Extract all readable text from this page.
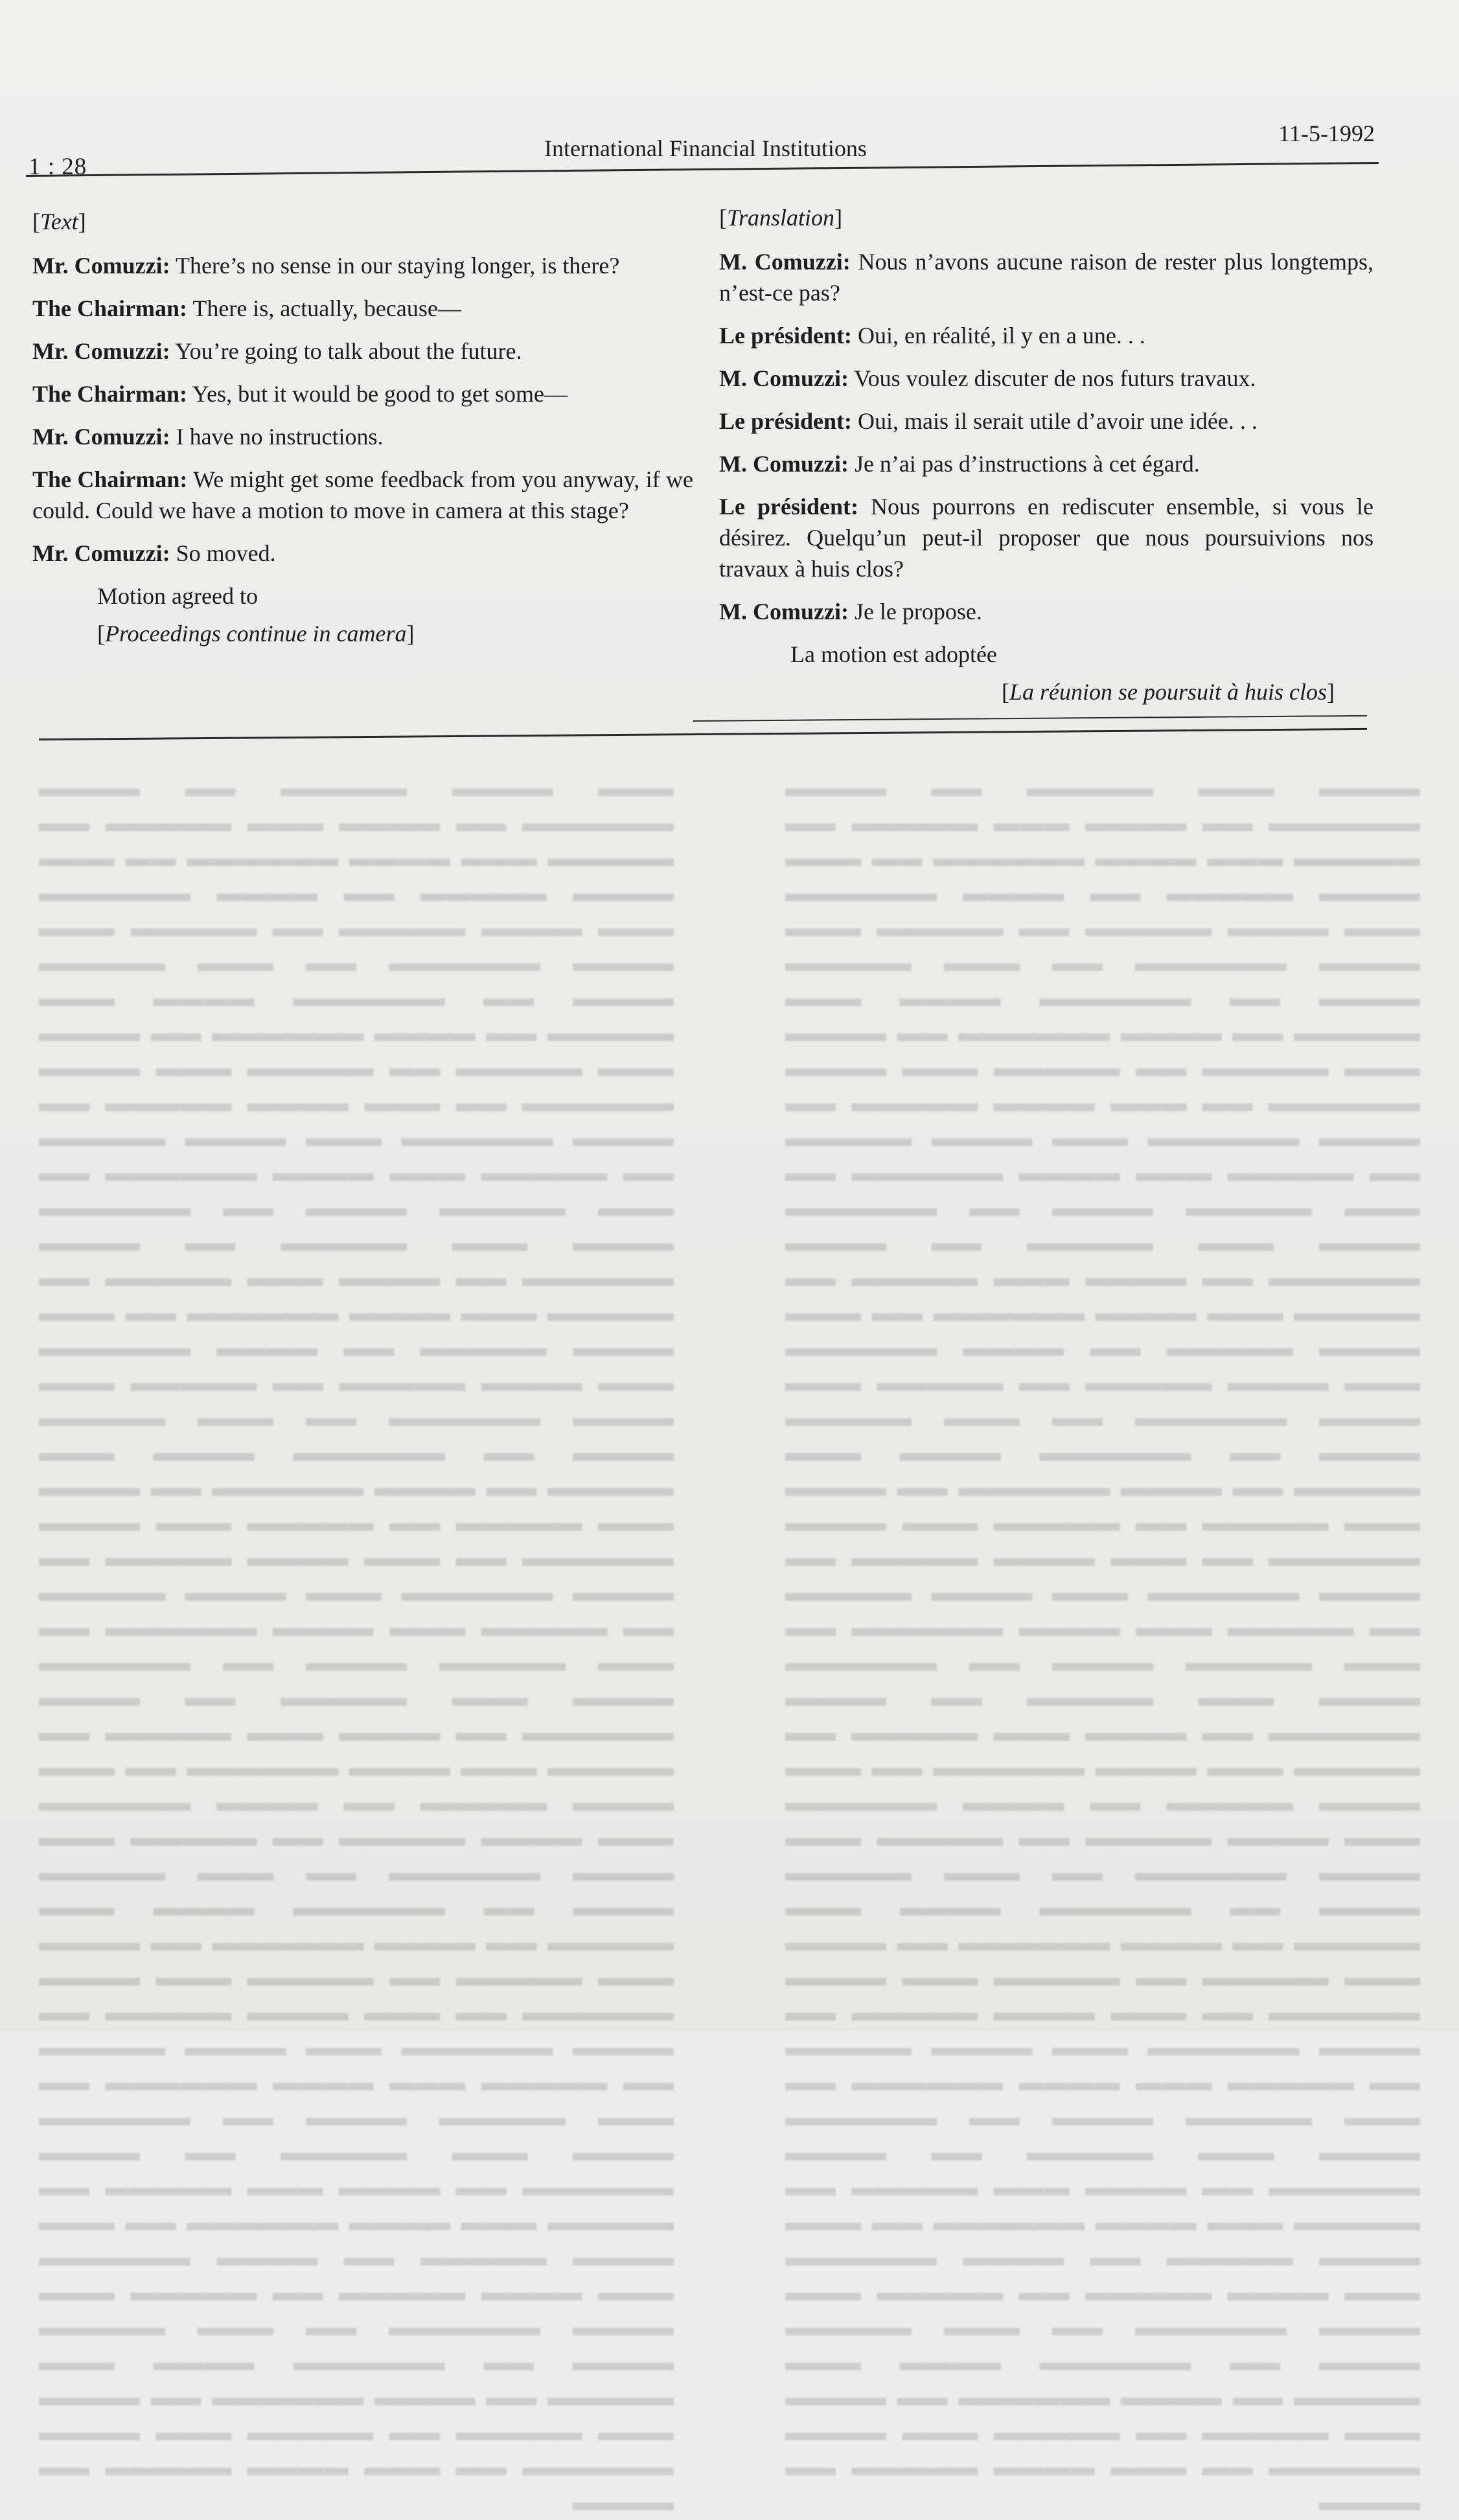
▬▬▬▬ ▬▬▬ ▬▬▬▬▬ ▬▬ ▬▬▬▬ ▬▬▬▬▬▬ ▬▬ ▬▬▬▬ ▬▬▬ ▬▬▬▬▬ ▬▬ ▬▬▬▬▬ ▬▬▬ ▬▬▬▬ ▬▬▬▬▬▬ ▬▬ ▬▬▬ ▬▬▬▬ ▬▬▬▬▬ ▬▬ ▬▬▬▬ ▬▬▬▬▬▬ ▬▬▬ ▬▬▬▬ ▬▬▬▬▬ ▬▬ ▬▬▬▬▬ ▬▬▬ ▬▬▬▬ ▬▬▬▬▬▬ ▬▬ ▬▬▬ ▬▬▬▬▬ ▬▬▬▬ ▬▬ ▬▬▬▬▬▬ ▬▬▬▬ ▬▬▬ ▬▬▬▬▬ ▬▬ ▬▬▬▬ ▬▬▬▬▬▬ ▬▬ ▬▬▬▬ ▬▬▬ ▬▬▬▬▬ ▬▬ ▬▬▬▬▬ ▬▬▬ ▬▬▬▬ ▬▬▬▬▬▬ ▬▬ ▬▬▬ ▬▬▬▬ ▬▬▬▬▬ ▬▬ ▬▬▬▬ ▬▬▬▬▬▬ ▬▬▬ ▬▬▬▬ ▬▬▬▬▬ ▬▬ ▬▬▬▬▬ ▬▬▬ ▬▬▬▬ ▬▬▬▬▬▬ ▬▬ ▬▬▬ ▬▬▬▬▬ ▬▬▬▬ ▬▬ ▬▬▬▬▬▬ ▬▬▬▬ ▬▬▬ ▬▬▬▬▬ ▬▬ ▬▬▬▬ ▬▬▬▬▬▬ ▬▬ ▬▬▬▬ ▬▬▬ ▬▬▬▬▬ ▬▬ ▬▬▬▬▬ ▬▬▬ ▬▬▬▬ ▬▬▬▬▬▬ ▬▬ ▬▬▬ ▬▬▬▬ ▬▬▬▬▬ ▬▬ ▬▬▬▬ ▬▬▬▬▬▬ ▬▬▬ ▬▬▬▬ ▬▬▬▬▬ ▬▬ ▬▬▬▬▬ ▬▬▬ ▬▬▬▬ ▬▬▬▬▬▬ ▬▬ ▬▬▬ ▬▬▬▬▬ ▬▬▬▬ ▬▬ ▬▬▬▬▬▬ ▬▬▬▬ ▬▬▬ ▬▬▬▬▬ ▬▬ ▬▬▬▬ ▬▬▬▬▬▬ ▬▬ ▬▬▬▬ ▬▬▬ ▬▬▬▬▬ ▬▬ ▬▬▬▬▬ ▬▬▬ ▬▬▬▬ ▬▬▬▬▬▬ ▬▬ ▬▬▬ ▬▬▬▬ ▬▬▬▬▬ ▬▬ ▬▬▬▬ ▬▬▬▬▬▬ ▬▬▬ ▬▬▬▬ ▬▬▬▬▬ ▬▬ ▬▬▬▬▬ ▬▬▬ ▬▬▬▬ ▬▬▬▬▬▬ ▬▬ ▬▬▬ ▬▬▬▬▬ ▬▬▬▬ ▬▬ ▬▬▬▬▬▬ ▬▬▬▬ ▬▬▬ ▬▬▬▬▬ ▬▬ ▬▬▬▬ ▬▬▬▬▬▬ ▬▬ ▬▬▬▬ ▬▬▬ ▬▬▬▬▬ ▬▬ ▬▬▬▬▬ ▬▬▬ ▬▬▬▬ ▬▬▬▬▬▬ ▬▬ ▬▬▬ ▬▬▬▬ ▬▬▬▬▬ ▬▬ ▬▬▬▬ ▬▬▬▬▬▬ ▬▬▬ ▬▬▬▬ ▬▬▬▬▬ ▬▬ ▬▬▬▬▬ ▬▬▬ ▬▬▬▬ ▬▬▬▬▬▬ ▬▬ ▬▬▬ ▬▬▬▬▬ ▬▬▬▬ ▬▬ ▬▬▬▬▬▬ ▬▬▬▬ ▬▬▬ ▬▬▬▬▬ ▬▬ ▬▬▬▬ ▬▬▬▬▬▬ ▬▬ ▬▬▬▬ ▬▬▬ ▬▬▬▬▬ ▬▬ ▬▬▬▬▬ ▬▬▬ ▬▬▬▬ ▬▬▬▬▬▬ ▬▬ ▬▬▬ ▬▬▬▬ ▬▬▬▬▬ ▬▬ ▬▬▬▬ ▬▬▬▬▬▬ ▬▬▬ ▬▬▬▬ ▬▬▬▬▬ ▬▬ ▬▬▬▬▬ ▬▬▬ ▬▬▬▬ ▬▬▬▬▬▬ ▬▬ ▬▬▬ ▬▬▬▬▬ ▬▬▬▬ ▬▬ ▬▬▬▬▬▬ ▬▬▬▬ ▬▬▬ ▬▬▬▬▬ ▬▬ ▬▬▬▬ ▬▬▬▬▬▬ ▬▬ ▬▬▬▬ ▬▬▬ ▬▬▬▬▬ ▬▬ ▬▬▬▬▬ ▬▬▬ ▬▬▬▬ ▬▬▬▬▬▬ ▬▬ ▬▬▬ ▬▬▬▬ ▬▬▬▬▬ ▬▬ ▬▬▬▬ ▬▬▬▬▬▬ ▬▬▬ ▬▬▬▬ ▬▬▬▬▬ ▬▬ ▬▬▬▬▬ ▬▬▬ ▬▬▬▬ ▬▬▬▬▬▬ ▬▬ ▬▬▬ ▬▬▬▬▬ ▬▬▬▬ ▬▬ ▬▬▬▬▬▬ ▬▬▬▬ ▬▬▬ ▬▬▬▬▬ ▬▬ ▬▬▬▬ ▬▬▬▬▬▬ ▬▬ ▬▬▬▬ ▬▬▬ ▬▬▬▬▬ ▬▬ ▬▬▬▬▬ ▬▬▬ ▬▬▬▬ ▬▬▬▬▬▬ ▬▬ ▬▬▬ ▬▬▬▬ ▬▬▬▬▬ ▬▬ ▬▬▬▬
▬▬▬ ▬▬▬▬ ▬▬▬▬▬ ▬▬ ▬▬▬▬ ▬▬▬▬▬▬ ▬▬ ▬▬▬▬ ▬▬▬ ▬▬▬▬▬ ▬▬ ▬▬▬▬▬ ▬▬▬ ▬▬▬▬ ▬▬▬▬▬▬ ▬▬ ▬▬▬ ▬▬▬▬ ▬▬▬▬▬ ▬▬ ▬▬▬▬ ▬▬▬▬▬▬ ▬▬▬ ▬▬▬▬ ▬▬▬▬▬ ▬▬ ▬▬▬▬▬ ▬▬▬ ▬▬▬▬ ▬▬▬▬▬▬ ▬▬ ▬▬▬ ▬▬▬▬▬ ▬▬▬▬ ▬▬ ▬▬▬▬▬▬ ▬▬▬▬ ▬▬▬ ▬▬▬▬▬ ▬▬ ▬▬▬▬ ▬▬▬▬▬▬ ▬▬ ▬▬▬▬ ▬▬▬ ▬▬▬▬▬ ▬▬ ▬▬▬▬▬ ▬▬▬ ▬▬▬▬ ▬▬▬▬▬▬ ▬▬ ▬▬▬ ▬▬▬▬ ▬▬▬▬▬ ▬▬ ▬▬▬▬ ▬▬▬▬▬▬ ▬▬▬ ▬▬▬▬ ▬▬▬▬▬ ▬▬ ▬▬▬▬▬ ▬▬▬ ▬▬▬▬ ▬▬▬▬▬▬ ▬▬ ▬▬▬ ▬▬▬▬▬ ▬▬▬▬ ▬▬ ▬▬▬▬▬▬ ▬▬▬▬ ▬▬▬ ▬▬▬▬▬ ▬▬ ▬▬▬▬ ▬▬▬▬▬▬ ▬▬ ▬▬▬▬ ▬▬▬ ▬▬▬▬▬ ▬▬ ▬▬▬▬▬ ▬▬▬ ▬▬▬▬ ▬▬▬▬▬▬ ▬▬ ▬▬▬ ▬▬▬▬ ▬▬▬▬▬ ▬▬ ▬▬▬▬ ▬▬▬▬▬▬ ▬▬▬ ▬▬▬▬ ▬▬▬▬▬ ▬▬ ▬▬▬▬▬ ▬▬▬ ▬▬▬▬ ▬▬▬▬▬▬ ▬▬ ▬▬▬ ▬▬▬▬▬ ▬▬▬▬ ▬▬ ▬▬▬▬▬▬ ▬▬▬▬ ▬▬▬ ▬▬▬▬▬ ▬▬ ▬▬▬▬ ▬▬▬▬▬▬ ▬▬ ▬▬▬▬ ▬▬▬ ▬▬▬▬▬ ▬▬ ▬▬▬▬▬ ▬▬▬ ▬▬▬▬ ▬▬▬▬▬▬ ▬▬ ▬▬▬ ▬▬▬▬ ▬▬▬▬▬ ▬▬ ▬▬▬▬ ▬▬▬▬▬▬ ▬▬▬ ▬▬▬▬ ▬▬▬▬▬ ▬▬ ▬▬▬▬▬ ▬▬▬ ▬▬▬▬ ▬▬▬▬▬▬ ▬▬ ▬▬▬ ▬▬▬▬▬ ▬▬▬▬ ▬▬ ▬▬▬▬▬▬ ▬▬▬▬ ▬▬▬ ▬▬▬▬▬ ▬▬ ▬▬▬▬ ▬▬▬▬▬▬ ▬▬ ▬▬▬▬ ▬▬▬ ▬▬▬▬▬ ▬▬ ▬▬▬▬▬ ▬▬▬ ▬▬▬▬ ▬▬▬▬▬▬ ▬▬ ▬▬▬ ▬▬▬▬ ▬▬▬▬▬ ▬▬ ▬▬▬▬ ▬▬▬▬▬▬ ▬▬▬ ▬▬▬▬ ▬▬▬▬▬ ▬▬ ▬▬▬▬▬ ▬▬▬ ▬▬▬▬ ▬▬▬▬▬▬ ▬▬ ▬▬▬ ▬▬▬▬▬ ▬▬▬▬ ▬▬ ▬▬▬▬▬▬ ▬▬▬▬ ▬▬▬ ▬▬▬▬▬ ▬▬ ▬▬▬▬ ▬▬▬▬▬▬ ▬▬ ▬▬▬▬ ▬▬▬ ▬▬▬▬▬ ▬▬ ▬▬▬▬▬ ▬▬▬ ▬▬▬▬ ▬▬▬▬▬▬ ▬▬ ▬▬▬ ▬▬▬▬ ▬▬▬▬▬ ▬▬ ▬▬▬▬ ▬▬▬▬▬▬ ▬▬▬ ▬▬▬▬ ▬▬▬▬▬ ▬▬ ▬▬▬▬▬ ▬▬▬ ▬▬▬▬ ▬▬▬▬▬▬ ▬▬ ▬▬▬ ▬▬▬▬▬ ▬▬▬▬ ▬▬ ▬▬▬▬▬▬ ▬▬▬▬ ▬▬▬ ▬▬▬▬▬ ▬▬ ▬▬▬▬ ▬▬▬▬▬▬ ▬▬ ▬▬▬▬ ▬▬▬ ▬▬▬▬▬ ▬▬ ▬▬▬▬▬ ▬▬▬ ▬▬▬▬ ▬▬▬▬▬▬ ▬▬ ▬▬▬ ▬▬▬▬ ▬▬▬▬▬ ▬▬ ▬▬▬▬ ▬▬▬▬▬▬ ▬▬▬ ▬▬▬▬ ▬▬▬▬▬ ▬▬ ▬▬▬▬▬ ▬▬▬ ▬▬▬▬ ▬▬▬▬▬▬ ▬▬ ▬▬▬ ▬▬▬▬▬ ▬▬▬▬ ▬▬ ▬▬▬▬▬▬ ▬▬▬▬ ▬▬▬ ▬▬▬▬▬ ▬▬ ▬▬▬▬ ▬▬▬▬▬▬ ▬▬ ▬▬▬▬ ▬▬▬ ▬▬▬▬▬ ▬▬ ▬▬▬▬▬ ▬▬▬ ▬▬▬▬ ▬▬▬▬▬▬ ▬▬ ▬▬▬ ▬▬▬▬ ▬▬▬▬▬ ▬▬ ▬▬▬▬
1 : 28
International Financial Institutions
11-5-1992
[Text]

Mr. Comuzzi: There’s no sense in our staying longer, is there?

The Chairman: There is, actually, because—

Mr. Comuzzi: You’re going to talk about the future.

The Chairman: Yes, but it would be good to get some—

Mr. Comuzzi: I have no instructions.

The Chairman: We might get some feedback from you anyway, if we could. Could we have a motion to move in camera at this stage?

Mr. Comuzzi: So moved.

Motion agreed to
[Proceedings continue in camera]
[Translation]

M. Comuzzi: Nous n’avons aucune raison de rester plus longtemps, n’est-ce pas?

Le président: Oui, en réalité, il y en a une. . .

M. Comuzzi: Vous voulez discuter de nos futurs travaux.

Le président: Oui, mais il serait utile d’avoir une idée. . .

M. Comuzzi: Je n’ai pas d’instructions à cet égard.

Le président: Nous pourrons en rediscuter ensemble, si vous le désirez. Quelqu’un peut-il proposer que nous poursuivions nos travaux à huis clos?

M. Comuzzi: Je le propose.

La motion est adoptée
[La réunion se poursuit à huis clos]
